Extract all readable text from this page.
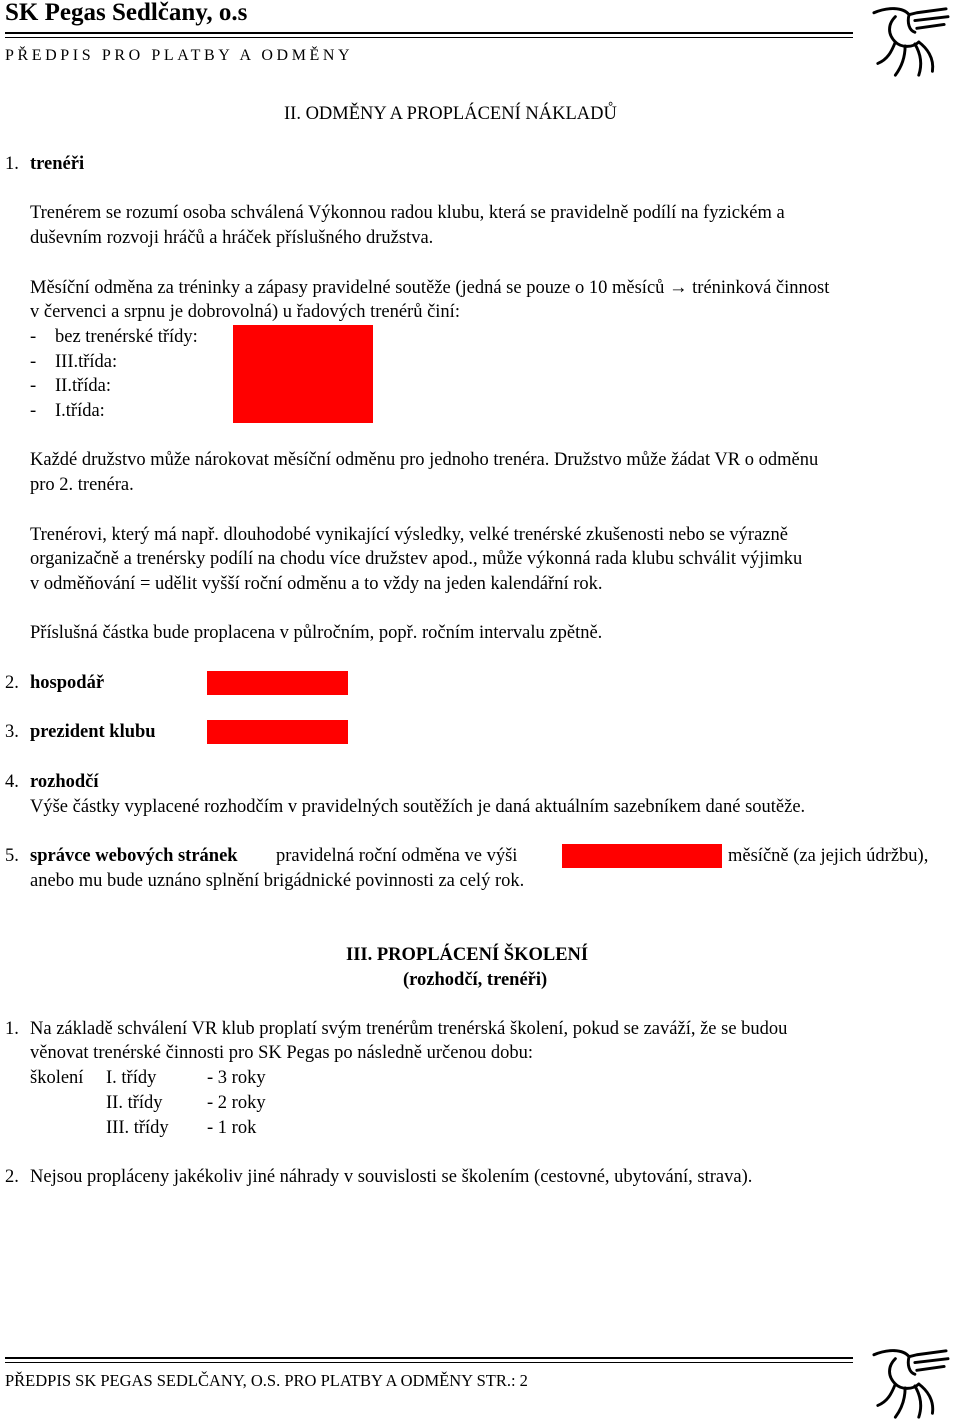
SK Pegas Sedlčany, o.s
PŘEDPIS PRO PLATBY A ODMĚNY
II. ODMĚNY A PROPLÁCENÍ NÁKLADŮ
1. trenéři
Trenérem se rozumí osoba schválená Výkonnou radou klubu, která se pravidelně podílí na fyzickém a
duševním rozvoji hráčů a hráček příslušného družstva.
Měsíční odměna za tréninky a zápasy pravidelné soutěže (jedná se pouze o 10 měsíců → tréninková činnost
v červenci a srpnu je dobrovolná) u řadových trenérů činí:
- bez trenérské třídy:
- III.třída:
- II.třída:
- I.třída:
Každé družstvo může nárokovat měsíční odměnu pro jednoho trenéra. Družstvo může žádat VR o odměnu
pro 2. trenéra.
Trenérovi, který má např. dlouhodobé vynikající výsledky, velké trenérské zkušenosti nebo se výrazně
organizačně a trenérsky podílí na chodu více družstev apod., může výkonná rada klubu schválit výjimku
v odměňování = udělit vyšší roční odměnu a to vždy na jeden kalendářní rok.
Příslušná částka bude proplacena v půlročním, popř. ročním intervalu zpětně.
2. hospodář
3. prezident klubu
4. rozhodčí
Výše částky vyplacené rozhodčím v pravidelných soutěžích je daná aktuálním sazebníkem dané soutěže.
5. správce webových stránek pravidelná roční odměna ve výši	měsíčně (za jejich údržbu),
anebo mu bude uznáno splnění brigádnické povinnosti za celý rok.
III. PROPLÁCENÍ ŠKOLENÍ
(rozhodčí, trenéři)
1. Na základě schválení VR klub proplatí svým trenérům trenérská školení, pokud se zaváží, že se budou
věnovat trenérské činnosti pro SK Pegas po následně určenou dobu:
školení I. třídy	- 3 roky
II. třídy - 2 roky
III. třídy - 1 rok
2. Nejsou propláceny jakékoliv jiné náhrady v souvislosti se školením (cestovné, ubytování, strava).
PŘEDPIS SK PEGAS SEDLČANY, O.S. PRO PLATBY A ODMĚNY STR.: 2
